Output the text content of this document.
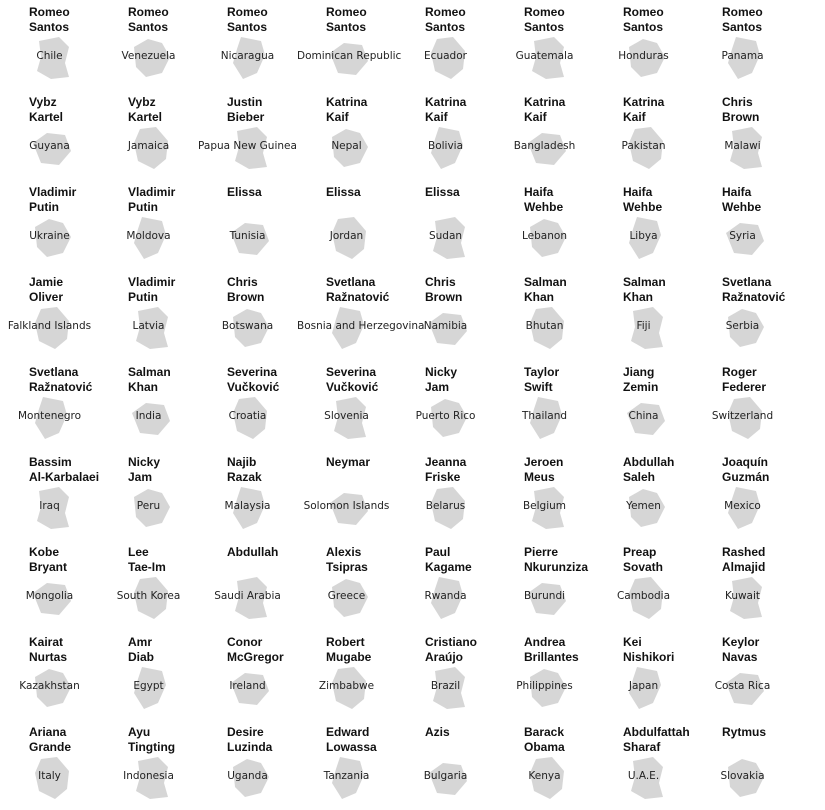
Romeo
Santos
Chile
Romeo
Santos
Venezuela
Romeo
Santos
Nicaragua
Romeo
Santos
Dominican Republic
Romeo
Santos
Ecuador
Romeo
Santos
Guatemala
Romeo
Santos
Honduras
Romeo
Santos
Panama
Vybz
Kartel
Guyana
Vybz
Kartel
Jamaica
Justin
Bieber
Papua New Guinea
Katrina
Kaif
Nepal
Katrina
Kaif
Bolivia
Katrina
Kaif
Bangladesh
Katrina
Kaif
Pakistan
Chris
Brown
Malawi
Vladimir
Putin
Ukraine
Vladimir
Putin
Moldova
Elissa
Tunisia
Elissa
Jordan
Elissa
Sudan
Haifa
Wehbe
Lebanon
Haifa
Wehbe
Libya
Haifa
Wehbe
Syria
Jamie
Oliver
Falkland Islands
Vladimir
Putin
Latvia
Chris
Brown
Botswana
Svetlana
Ražnatović
Bosnia and Herzegovina
Chris
Brown
Namibia
Salman
Khan
Bhutan
Salman
Khan
Fiji
Svetlana
Ražnatović
Serbia
Svetlana
Ražnatović
Montenegro
Salman
Khan
India
Severina
Vučković
Croatia
Severina
Vučković
Slovenia
Nicky
Jam
Puerto Rico
Taylor
Swift
Thailand
Jiang
Zemin
China
Roger
Federer
Switzerland
Bassim
Al-Karbalaei
Iraq
Nicky
Jam
Peru
Najib
Razak
Malaysia
Neymar
Solomon Islands
Jeanna
Friske
Belarus
Jeroen
Meus
Belgium
Abdullah
Saleh
Yemen
Joaquín
Guzmán
Mexico
Kobe
Bryant
Mongolia
Lee
Tae-Im
South Korea
Abdullah
Saudi Arabia
Alexis
Tsipras
Greece
Paul
Kagame
Rwanda
Pierre
Nkurunziza
Burundi
Preap
Sovath
Cambodia
Rashed
Almajid
Kuwait
Kairat
Nurtas
Kazakhstan
Amr
Diab
Egypt
Conor
McGregor
Ireland
Robert
Mugabe
Zimbabwe
Cristiano
Araújo
Brazil
Andrea
Brillantes
Philippines
Kei
Nishikori
Japan
Keylor
Navas
Costa Rica
Ariana
Grande
Italy
Ayu
Tingting
Indonesia
Desire
Luzinda
Uganda
Edward
Lowassa
Tanzania
Azis
Bulgaria
Barack
Obama
Kenya
Abdulfattah
Sharaf
U.A.E.
Rytmus
Slovakia
